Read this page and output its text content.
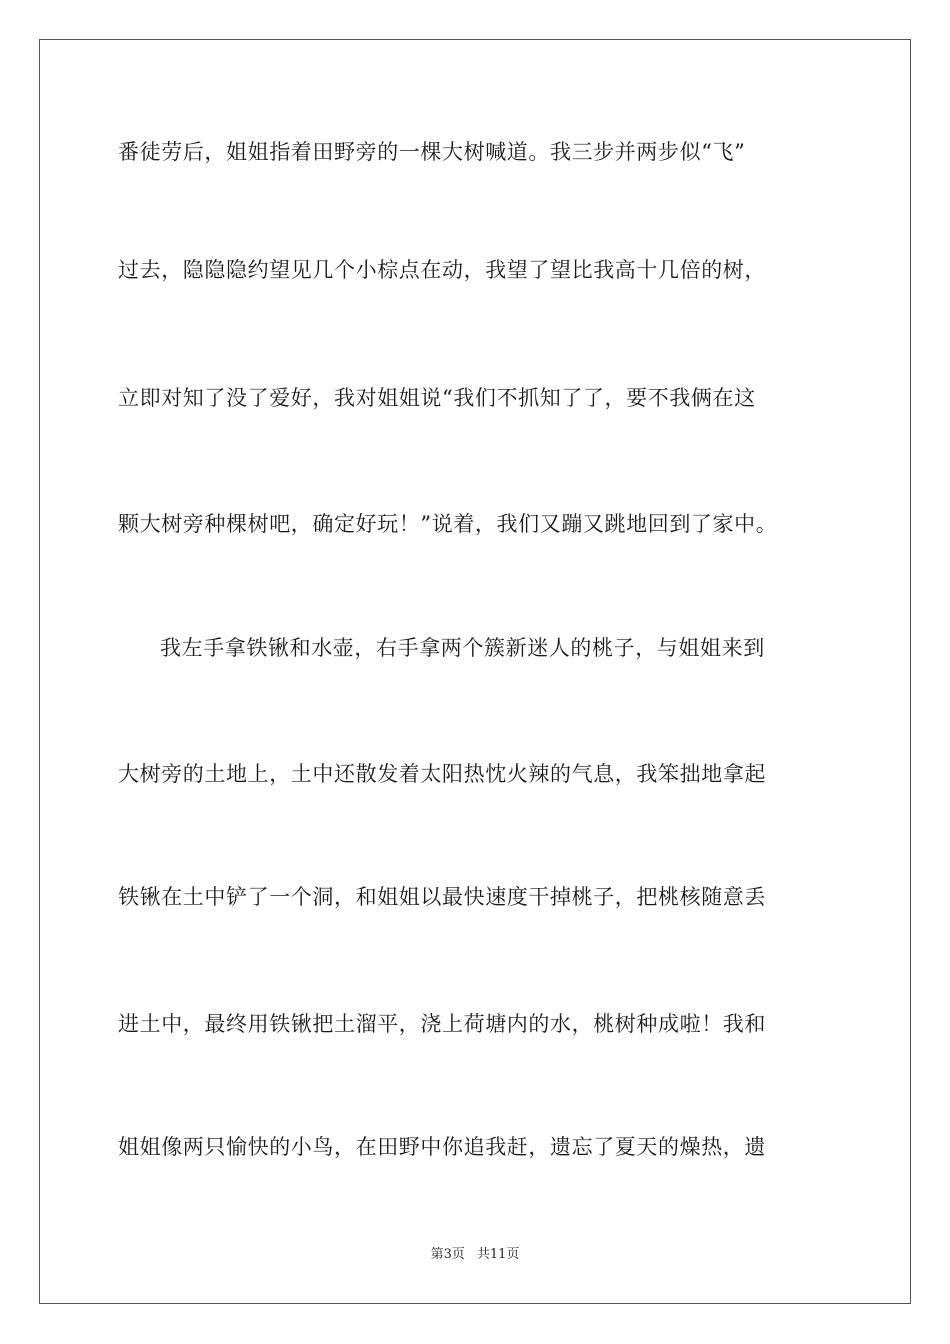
番徒劳后，姐姐指着田野旁的一棵大树喊道。我三步并两步似“飞”
过去，隐隐隐约望见几个小棕点在动，我望了望比我高十几倍的树，
立即对知了没了爱好，我对姐姐说“我们不抓知了了，要不我俩在这
颗大树旁种棵树吧，确定好玩！”说着，我们又蹦又跳地回到了家中。
我左手拿铁锹和水壶，右手拿两个簇新迷人的桃子，与姐姐来到
大树旁的土地上，土中还散发着太阳热忱火辣的气息，我笨拙地拿起
铁锹在土中铲了一个洞，和姐姐以最快速度干掉桃子，把桃核随意丢
进土中，最终用铁锹把土溜平，浇上荷塘内的水，桃树种成啦！我和
姐姐像两只愉快的小鸟，在田野中你追我赶，遗忘了夏天的燥热，遗
第3页 共11页
